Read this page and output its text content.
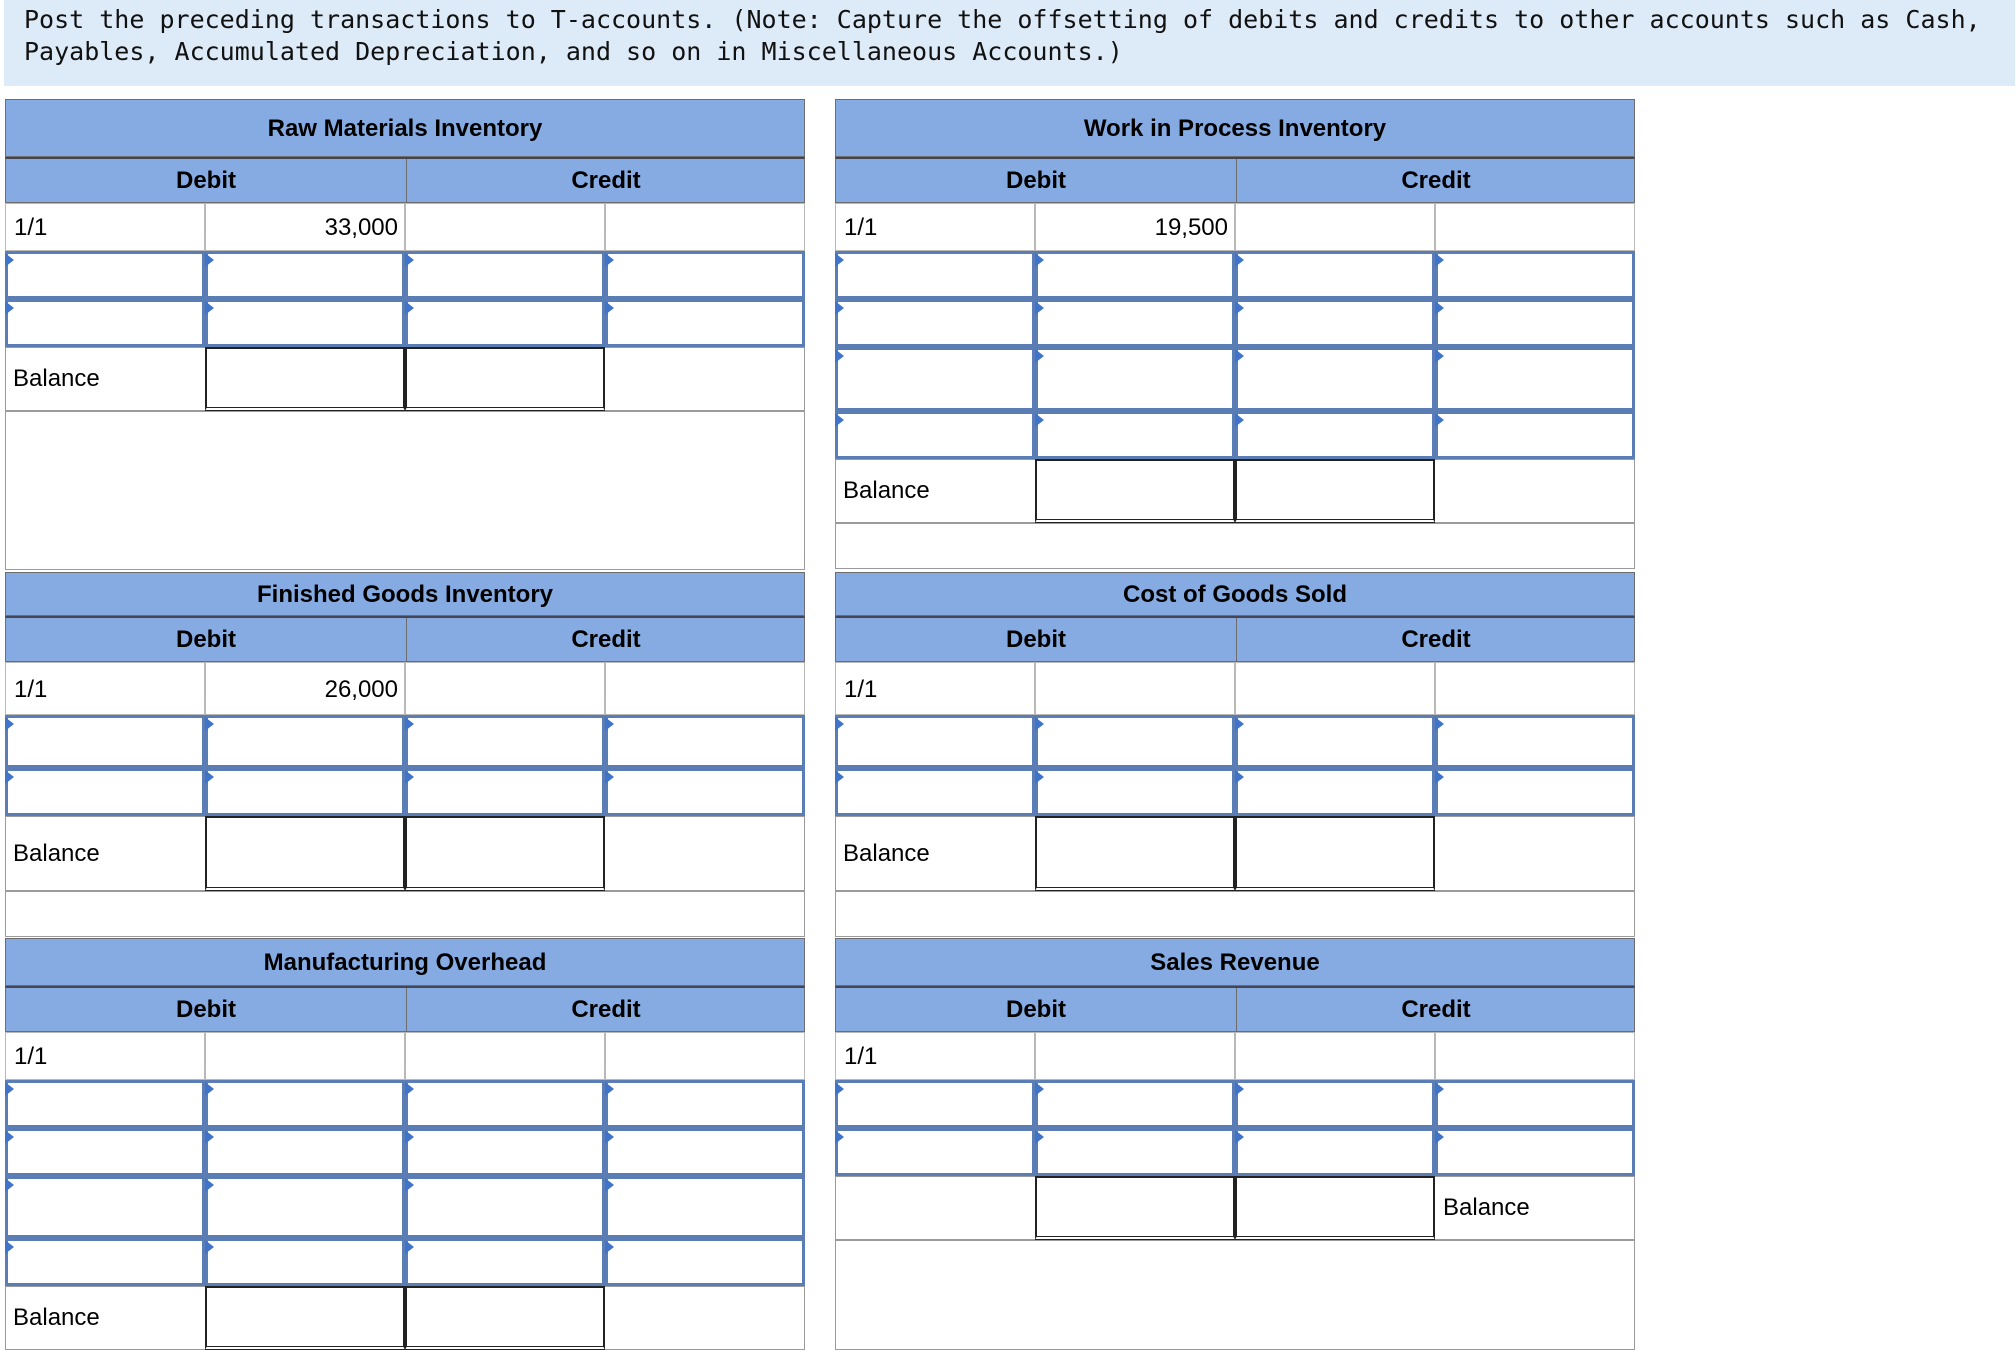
Post the preceding transactions to T-accounts. (Note: Capture the offsetting of debits and credits to other accounts such as Cash, Payables, Accumulated Depreciation, and so on in Miscellaneous Accounts.)
Raw Materials Inventory
Debit	Credit
1/1	33,000
Balance
Finished Goods Inventory
Debit	Credit
1/1	26,000
Balance
Manufacturing Overhead
Debit	Credit
1/1
Balance
Work in Process Inventory
Debit	Credit
1/1	19,500
Balance
Cost of Goods Sold
Debit	Credit
1/1
Balance
Sales Revenue
Debit	Credit
1/1
Balance
